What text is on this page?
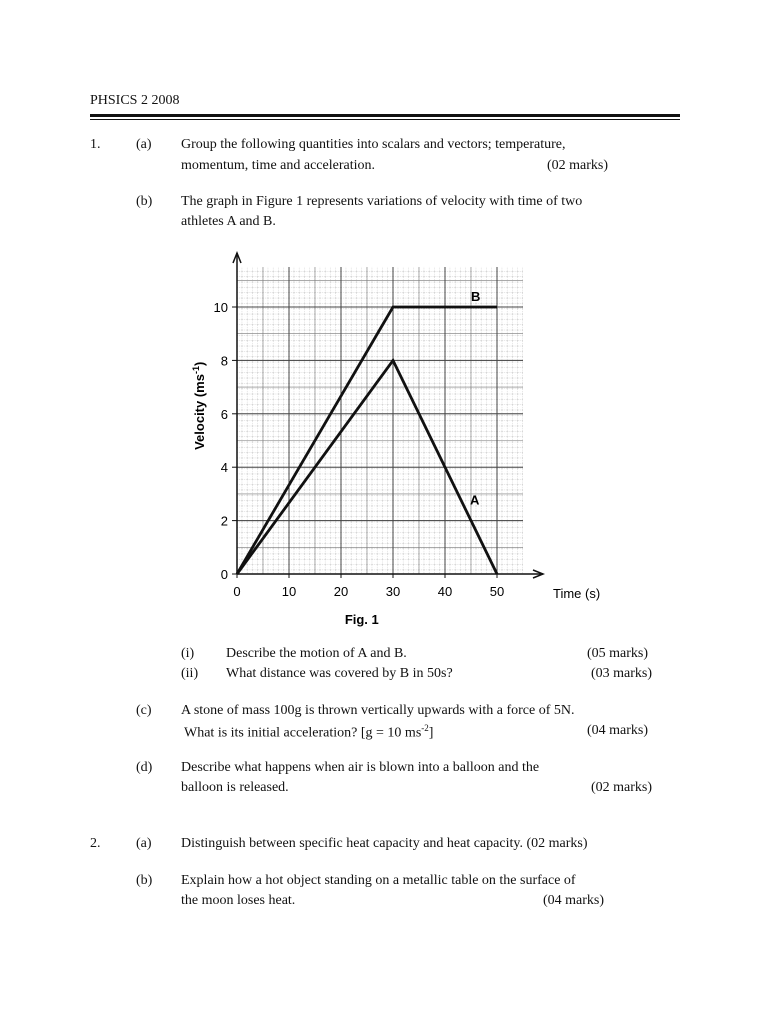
PHSICS 2 2008
1.	(a) Group the following quantities into scalars and vectors; temperature,
momentum, time and acceleration.	(02 marks)
(b) The graph in Figure 1 represents variations of velocity with time of two
athletes A and B.
0	10	20	30	40	50
0
2
4
6
8
10
B
A
Time (s)
Velocity $(ms^{-1})$
Fig. 1
(i) Describe the motion of A and B.	(05 marks)
(ii) What distance was covered by B in 50s?	(03 marks)
(c) A stone of mass 100g is thrown vertically upwards with a force of 5N.
What is its initial acceleration? [g = 10 $ms^{-2}$]	(04 marks)
(d) Describe what happens when air is blown into a balloon and the
balloon is released.	(02 marks)
2.	(a) Distinguish between specific heat capacity and heat capacity. (02 marks)
(b) Explain how a hot object standing on a metallic table on the surface of
the moon loses heat.	(04 marks)
